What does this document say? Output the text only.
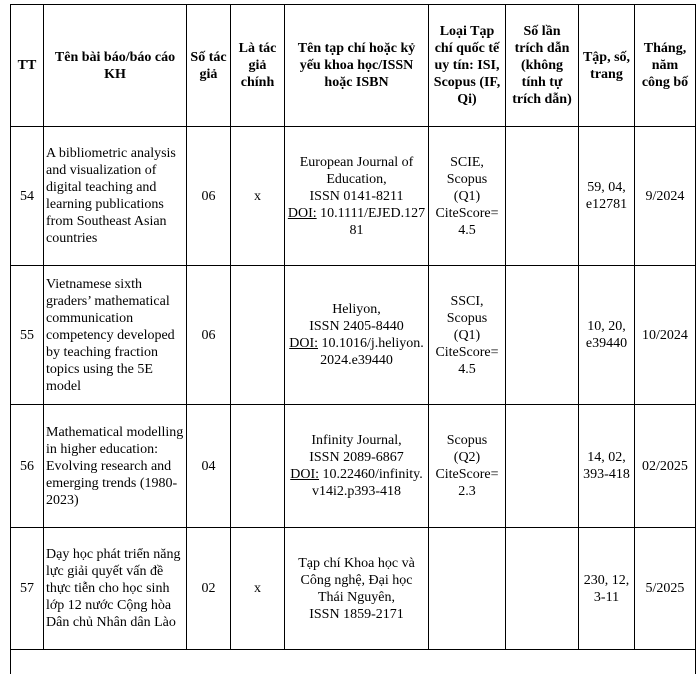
TT	Tên bài báo/báo cáo KH	Số tác giả	Là tác giả chính	Tên tạp chí hoặc kỷ yếu khoa học/ISSN hoặc ISBN	Loại Tạp chí quốc tế uy tín: ISI, Scopus (IF, Qi)	Số lần trích dẫn (không tính tự trích dẫn)	Tập, số, trang	Tháng, năm công bố
54	A bibliometric analysis and visualization of digital teaching and learning publications from Southeast Asian countries	06	x	European Journal of Education,
ISSN 0141-8211
DOI: 10.1111/EJED.12781	SCIE,
Scopus
(Q1)
CiteScore=
4.5		59, 04,
e12781	9/2024
55	Vietnamese sixth graders’ mathematical communication competency developed by teaching fraction topics using the 5E model	06		Heliyon,
ISSN 2405-8440
DOI: 10.1016/j.heliyon.2024.e39440	SSCI,
Scopus
(Q1)
CiteScore=
4.5		10, 20,
e39440	10/2024
56	Mathematical modelling in higher education: Evolving research and emerging trends (1980-2023)	04		Infinity Journal,
ISSN 2089-6867
DOI: 10.22460/infinity.v14i2.p393-418	Scopus
(Q2)
CiteScore=
2.3		14, 02,
393-418	02/2025
57	Dạy học phát triển năng lực giải quyết vấn đề thực tiễn cho học sinh lớp 12 nước Cộng hòa Dân chủ Nhân dân Lào	02	x	Tạp chí Khoa học và Công nghệ, Đại học Thái Nguyên,
ISSN 1859-2171			230, 12,
3-11	5/2025
